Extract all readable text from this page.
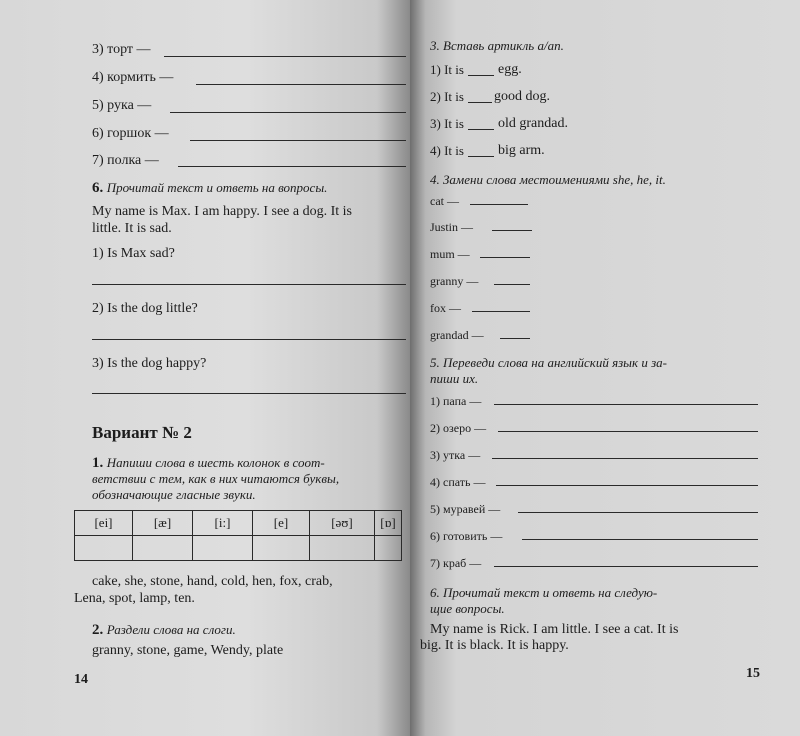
3) торт —
4) кормить —
5) рука —
6) горшок —
7) полка —
6. Прочитай текст и ответь на вопросы.
My name is Max. I am happy. I see a dog. It is
little. It is sad.
1) Is Max sad?
2) Is the dog little?
3) Is the dog happy?
Вариант № 2
1. Напиши слова в шесть колонок в соот-
ветствии с тем, как в них читаются буквы,
обозначающие гласные звуки.
[ei]	[æ]	[i:]	[e]	[əʊ]	[ɒ]

cake, she, stone, hand, cold, hen, fox, crab,
Lena, spot, lamp, ten.
2. Раздели слова на слоги.
granny, stone, game, Wendy, plate
14
3. Вставь артикль a/an.
1) It is egg.
2) It is good dog.
3) It is old grandad.
4) It is big arm.
4. Замени слова местоимениями she, he, it.
cat —
Justin —
mum —
granny —
fox —
grandad —
5. Переведи слова на английский язык и за-
пиши их.
1) папа —
2) озеро —
3) утка —
4) спать —
5) муравей —
6) готовить —
7) краб —
6. Прочитай текст и ответь на следую-
щие вопросы.
My name is Rick. I am little. I see a cat. It is
big. It is black. It is happy.
15
